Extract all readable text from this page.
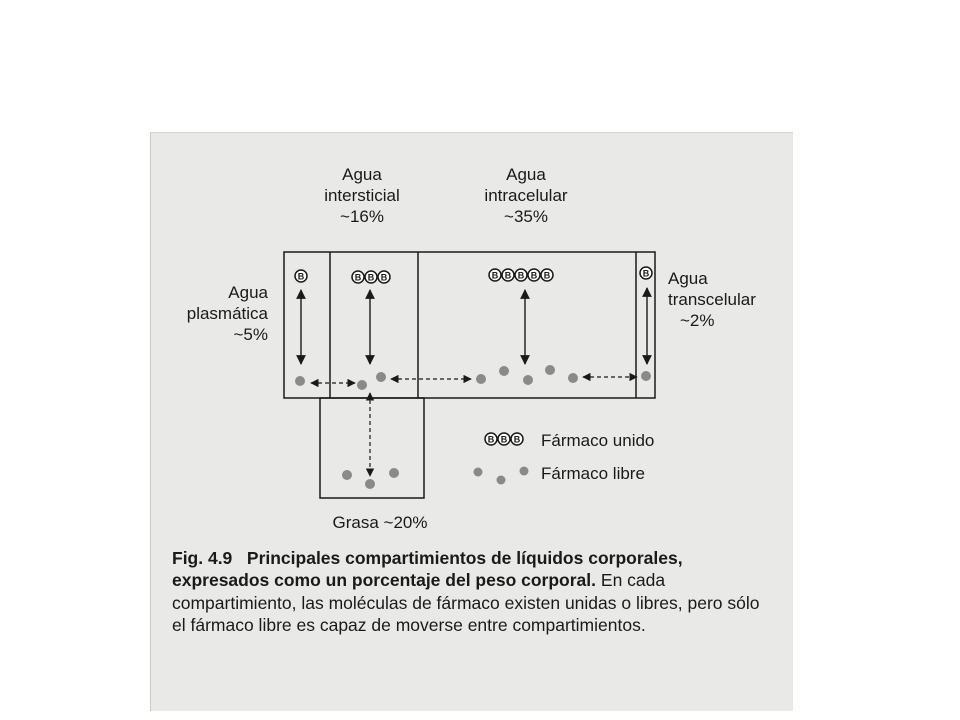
B	B B B	B B B B B	B
B B B
Agua
intersticial
~16%
Agua
intracelular
~35%
Agua
plasmática
~5%
Agua
transcelular
~2%
Grasa ~20%
Fármaco unido
Fármaco libre
Fig. 4.9 Principales compartimientos de líquidos corporales, expresados como un porcentaje del peso corporal. En cada compartimiento, las moléculas de fármaco existen unidas o libres, pero sólo el fármaco libre es capaz de moverse entre compartimientos.
